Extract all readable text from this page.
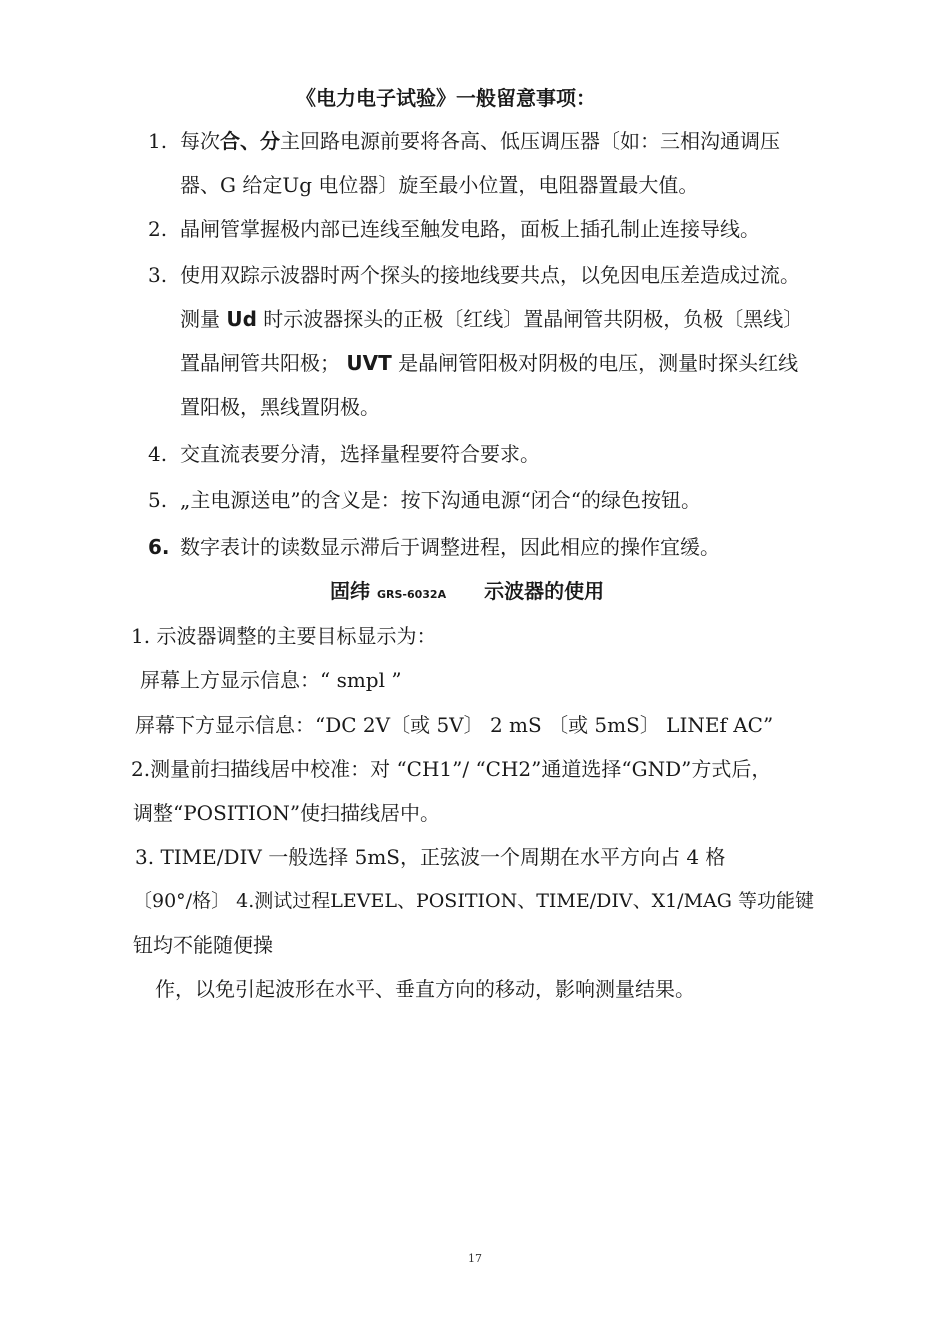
《电力电子试验》一般留意事项：
1. 每次合、分主回路电源前要将各高、低压调压器〔如：三相沟通调压
器、G 给定Ug 电位器〕旋至最小位置，电阻器置最大值。
2. 晶闸管掌握极内部已连线至触发电路，面板上插孔制止连接导线。
3. 使用双踪示波器时两个探头的接地线要共点，以免因电压差造成过流。
测量 Ud 时示波器探头的正极〔红线〕置晶闸管共阴极，负极〔黑线〕
置晶闸管共阳极； UVT 是晶闸管阳极对阴极的电压，测量时探头红线
置阳极，黑线置阴极。
4. 交直流表要分清，选择量程要符合要求。
5. „主电源送电”的含义是：按下沟通电源“闭合“的绿色按钮。
6. 数字表计的读数显示滞后于调整进程，因此相应的操作宜缓。
固纬 GRS-6032A 示波器的使用
1. 示波器调整的主要目标显示为：
屏幕上方显示信息：“ smpl ”
屏幕下方显示信息：“DC 2V〔或 5V〕 2 mS 〔或 5mS〕 LINEf AC”
2.测量前扫描线居中校准：对 “CH1”/ “CH2”通道选择“GND”方式后，
调整“POSITION”使扫描线居中。
3. TIME/DIV 一般选择 5mS，正弦波一个周期在水平方向占 4 格
〔90°/格〕 4.测试过程LEVEL、POSITION、TIME/DIV、X1/MAG 等功能键
钮均不能随便操
作，以免引起波形在水平、垂直方向的移动，影响测量结果。
17
